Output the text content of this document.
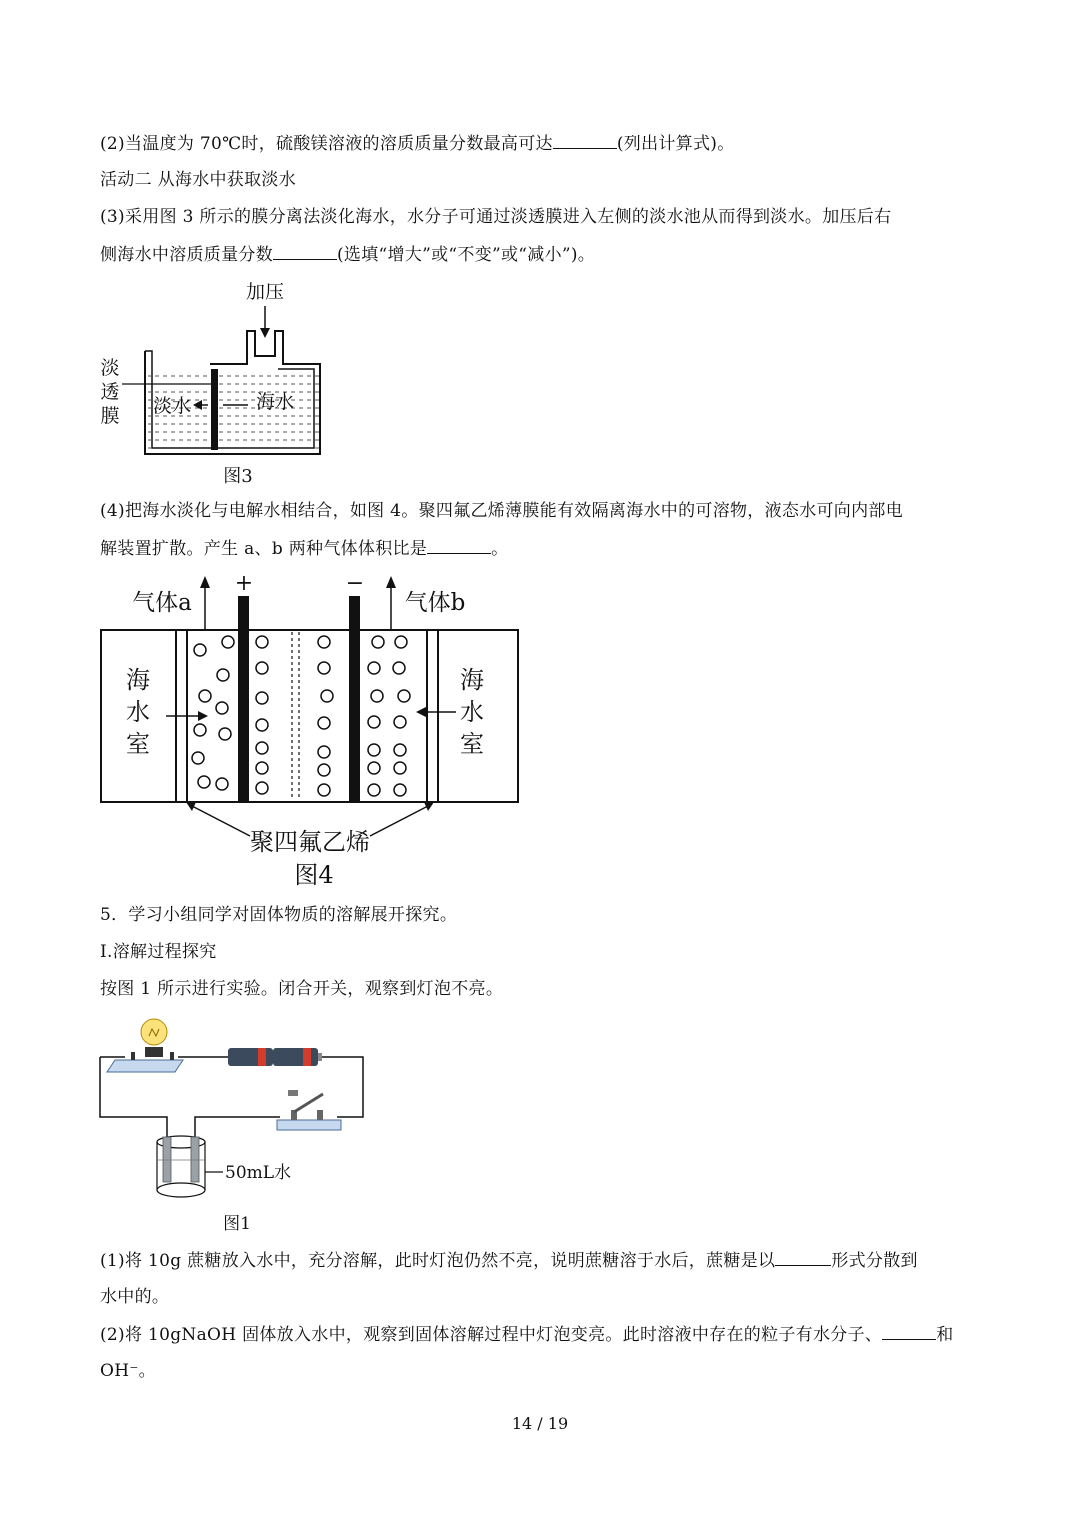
(2)当温度为 70℃时，硫酸镁溶液的溶质质量分数最高可达	(列出计算式)。
活动二 从海水中获取淡水
(3)采用图 3 所示的膜分离法淡化海水，水分子可通过淡透膜进入左侧的淡水池从而得到淡水。加压后右
侧海水中溶质质量分数	(选填“增大”或“不变”或“减小”)。
加压
淡
透
膜 淡水	海水
图3
(4)把海水淡化与电解水相结合，如图 4。聚四氟乙烯薄膜能有效隔离海水中的可溶物，液态水可向内部电
解装置扩散。产生 a、b 两种气体体积比是	。
气体a	气体b
+	−
海
水
室
海
水
室
聚四氟乙烯
图4
5．学习小组同学对固体物质的溶解展开探究。
I.溶解过程探究
按图 1 所示进行实验。闭合开关，观察到灯泡不亮。
50mL水
图1
(1)将 10g 蔗糖放入水中，充分溶解，此时灯泡仍然不亮，说明蔗糖溶于水后，蔗糖是以	形式分散到
水中的。
(2)将 10gNaOH 固体放入水中，观察到固体溶解过程中灯泡变亮。此时溶液中存在的粒子有水分子、	和
OH⁻。
14 / 19
